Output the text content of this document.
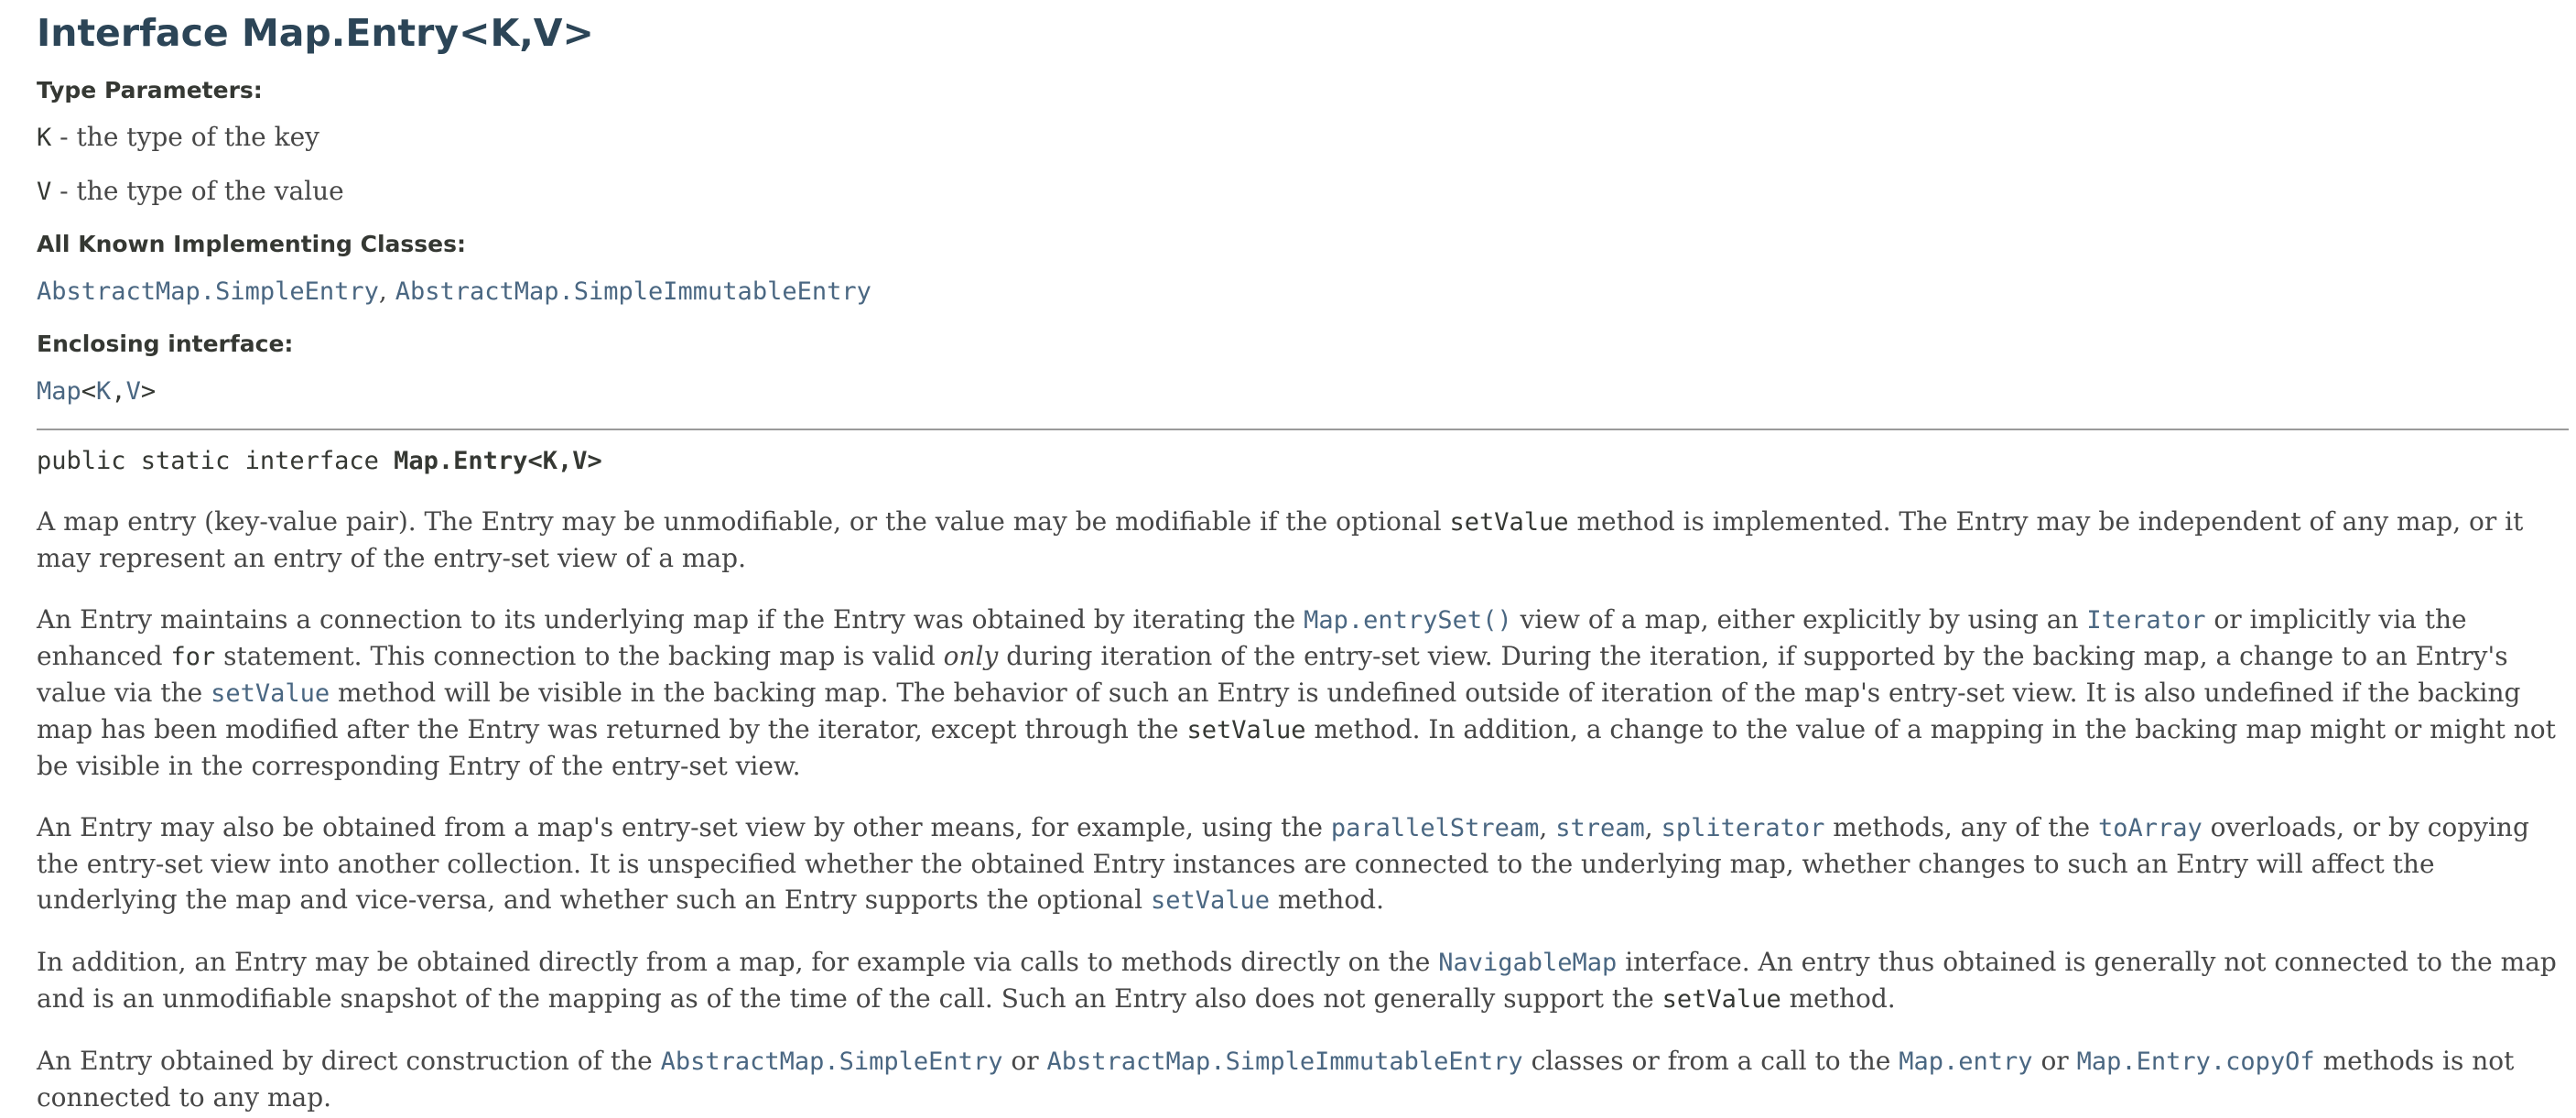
Interface Map.Entry<K,V>
Type Parameters:
K - the type of the key
V - the type of the value
All Known Implementing Classes:
AbstractMap.SimpleEntry, AbstractMap.SimpleImmutableEntry
Enclosing interface:
Map<K,V>
public static interface Map.Entry<K,V>

A map entry (key-value pair). The Entry may be unmodifiable, or the value may be modifiable if the optional setValue method is implemented. The Entry may be independent of any map, or it may represent an entry of the entry-set view of a map.

An Entry maintains a connection to its underlying map if the Entry was obtained by iterating the Map.entrySet() view of a map, either explicitly by using an Iterator or implicitly via the enhanced for statement. This connection to the backing map is valid only during iteration of the entry-set view. During the iteration, if supported by the backing map, a change to an Entry's value via the setValue method will be visible in the backing map. The behavior of such an Entry is undefined outside of iteration of the map's entry-set view. It is also undefined if the backing map has been modified after the Entry was returned by the iterator, except through the setValue method. In addition, a change to the value of a mapping in the backing map might or might not be visible in the corresponding Entry of the entry-set view.

An Entry may also be obtained from a map's entry-set view by other means, for example, using the parallelStream, stream, spliterator methods, any of the toArray overloads, or by copying the entry-set view into another collection. It is unspecified whether the obtained Entry instances are connected to the underlying map, whether changes to such an Entry will affect the underlying the map and vice-versa, and whether such an Entry supports the optional setValue method.

In addition, an Entry may be obtained directly from a map, for example via calls to methods directly on the NavigableMap interface. An entry thus obtained is generally not connected to the map and is an unmodifiable snapshot of the mapping as of the time of the call. Such an Entry also does not generally support the setValue method.

An Entry obtained by direct construction of the AbstractMap.SimpleEntry or AbstractMap.SimpleImmutableEntry classes or from a call to the Map.entry or Map.Entry.copyOf methods is not connected to any map.
